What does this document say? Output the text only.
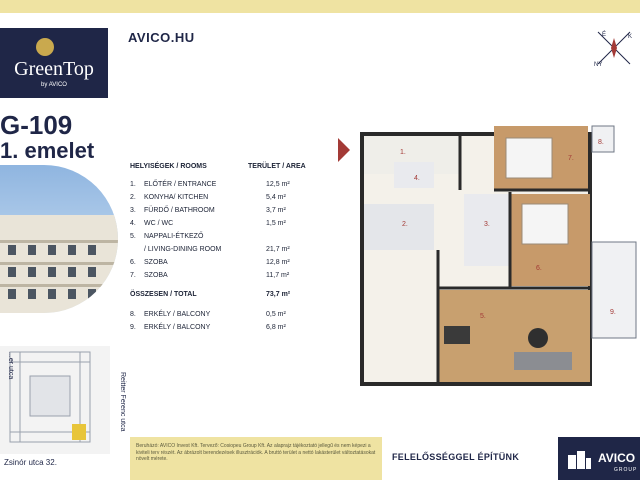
GreenTop
by AVICO
AVICO.HU	É	K
NY
G-109
1. emelet
HELYISÉGEK / ROOMS	TERÜLET / AREA
1. ELŐTÉR / ENTRANCE	12,5 m²
2. KONYHA/ KITCHEN	5,4 m²
3. FÜRDŐ / BATHROOM	3,7 m²
4. WC / WC	1,5 m²
5. NAPPALI-ÉTKEZŐ
/ LIVING-DINING ROOM	21,7 m²
6. SZOBA	12,8 m²
7. SZOBA	11,7 m²
ÖSSZESEN / TOTAL	73,7 m²
8. ERKÉLY / BALCONY	0,5 m²
9. ERKÉLY / BALCONY	6,8 m²
...er utca
Reitter Ferenc utca
Zsinór utca 32.
1.
2.	3.
4.
5.
6.
7.
8.
9.
Beruházó: AVICO Invest Kft. Tervező: Cosiopeu Group Kft. Az alaprajz tájékoztató jellegű és nem képezi a kiviteli terv részét. Az ábrázolt berendezések illusztrációk. A bruttó terület a nettó lakásterület változtatásokat növelt mérete.	FELELŐSSÉGGEL ÉPÍTÜNK	AVICO
GROUP
